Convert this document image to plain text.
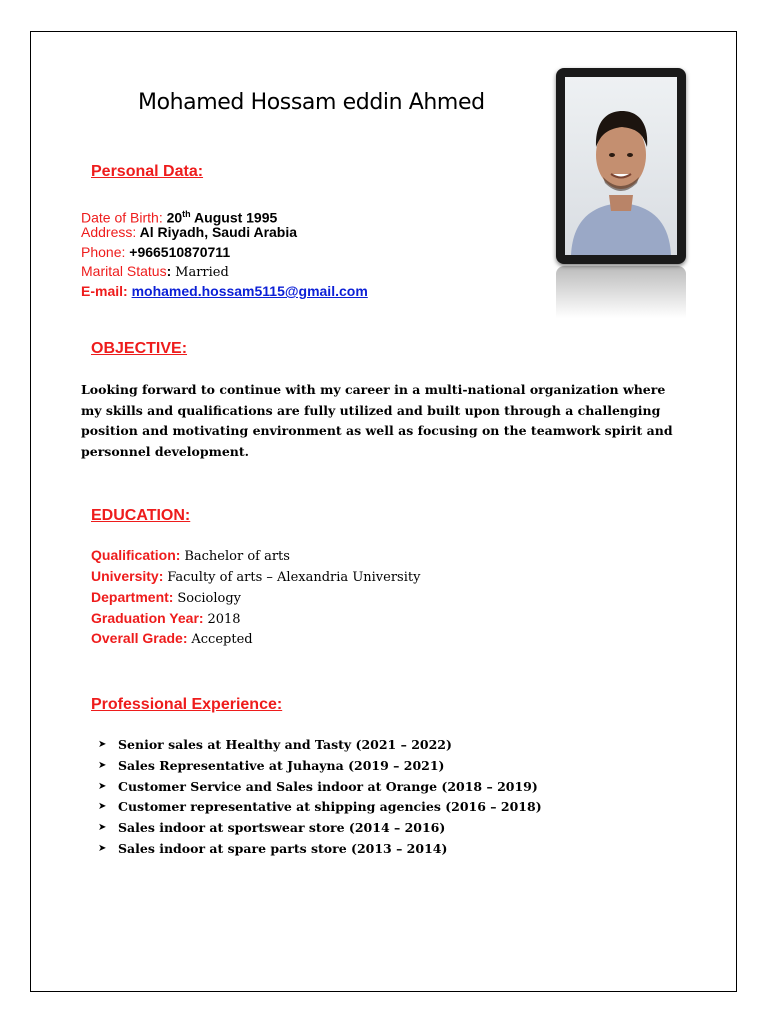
Mohamed Hossam eddin Ahmed
Personal Data:
Date of Birth: 20th August 1995
Address: Al Riyadh, Saudi Arabia
Phone: +966510870711
Marital Status: Married
E-mail: mohamed.hossam5115@gmail.com
OBJECTIVE:

Looking forward to continue with my career in a multi-national organization where my skills and qualifications are fully utilized and built upon through a challenging position and motivating environment as well as focusing on the teamwork spirit and personnel development.

EDUCATION:
Qualification: Bachelor of arts
University: Faculty of arts – Alexandria University
Department: Sociology
Graduation Year: 2018
Overall Grade: Accepted
Professional Experience:
➤ Senior sales at Healthy and Tasty (2021 – 2022)
➤ Sales Representative at Juhayna (2019 – 2021)
➤ Customer Service and Sales indoor at Orange (2018 – 2019)
➤ Customer representative at shipping agencies (2016 – 2018)
➤ Sales indoor at sportswear store (2014 – 2016)
➤ Sales indoor at spare parts store (2013 – 2014)
